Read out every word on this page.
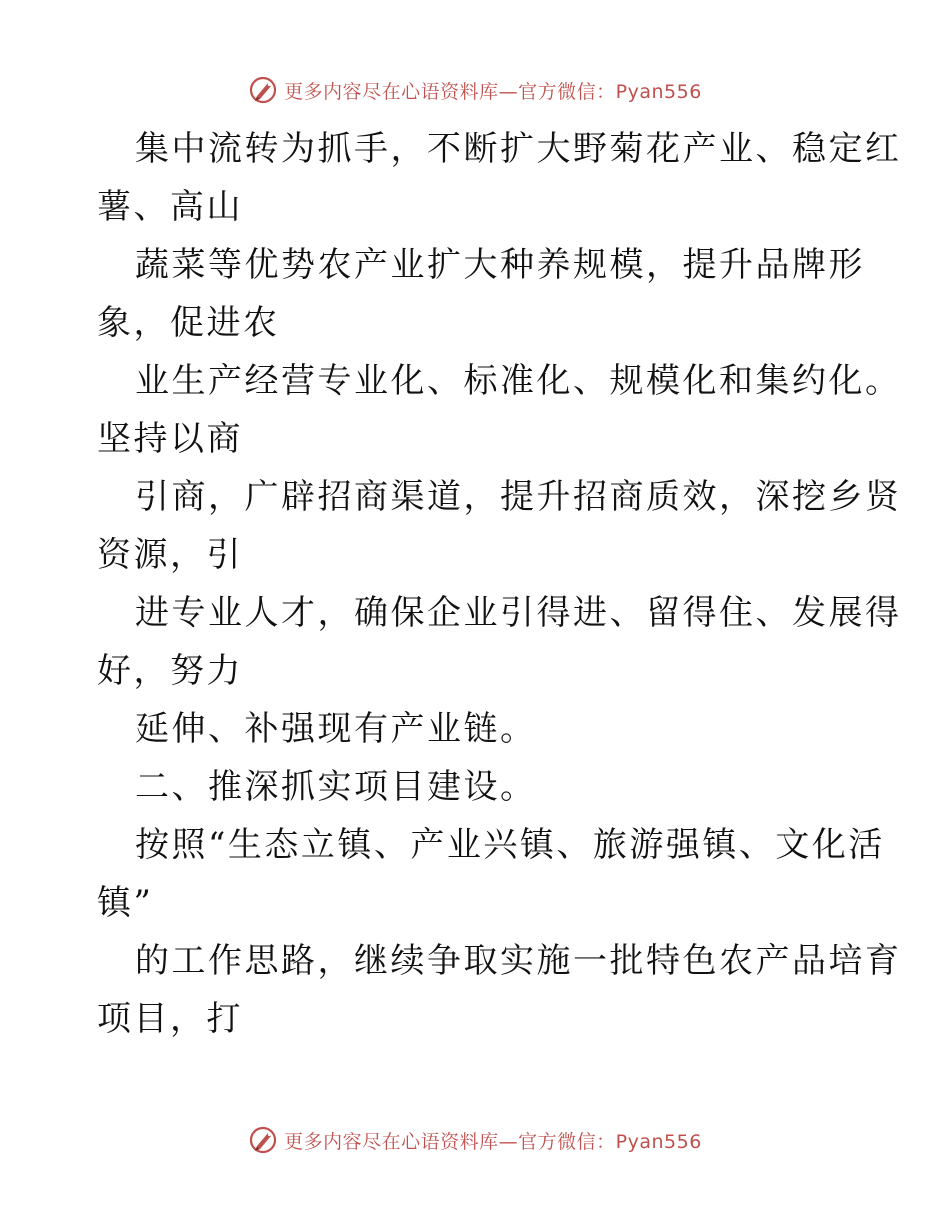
更多内容尽在心语资料库—官方微信：Pyan556
集中流转为抓手，不断扩大野菊花产业、稳定红
薯、高山
蔬菜等优势农产业扩大种养规模，提升品牌形
象，促进农
业生产经营专业化、标准化、规模化和集约化。
坚持以商
引商，广辟招商渠道，提升招商质效，深挖乡贤
资源，引
进专业人才，确保企业引得进、留得住、发展得
好，努力
延伸、补强现有产业链。
二、推深抓实项目建设。
按照“生态立镇、产业兴镇、旅游强镇、文化活
镇”
的工作思路，继续争取实施一批特色农产品培育
项目，打
更多内容尽在心语资料库—官方微信：Pyan556
